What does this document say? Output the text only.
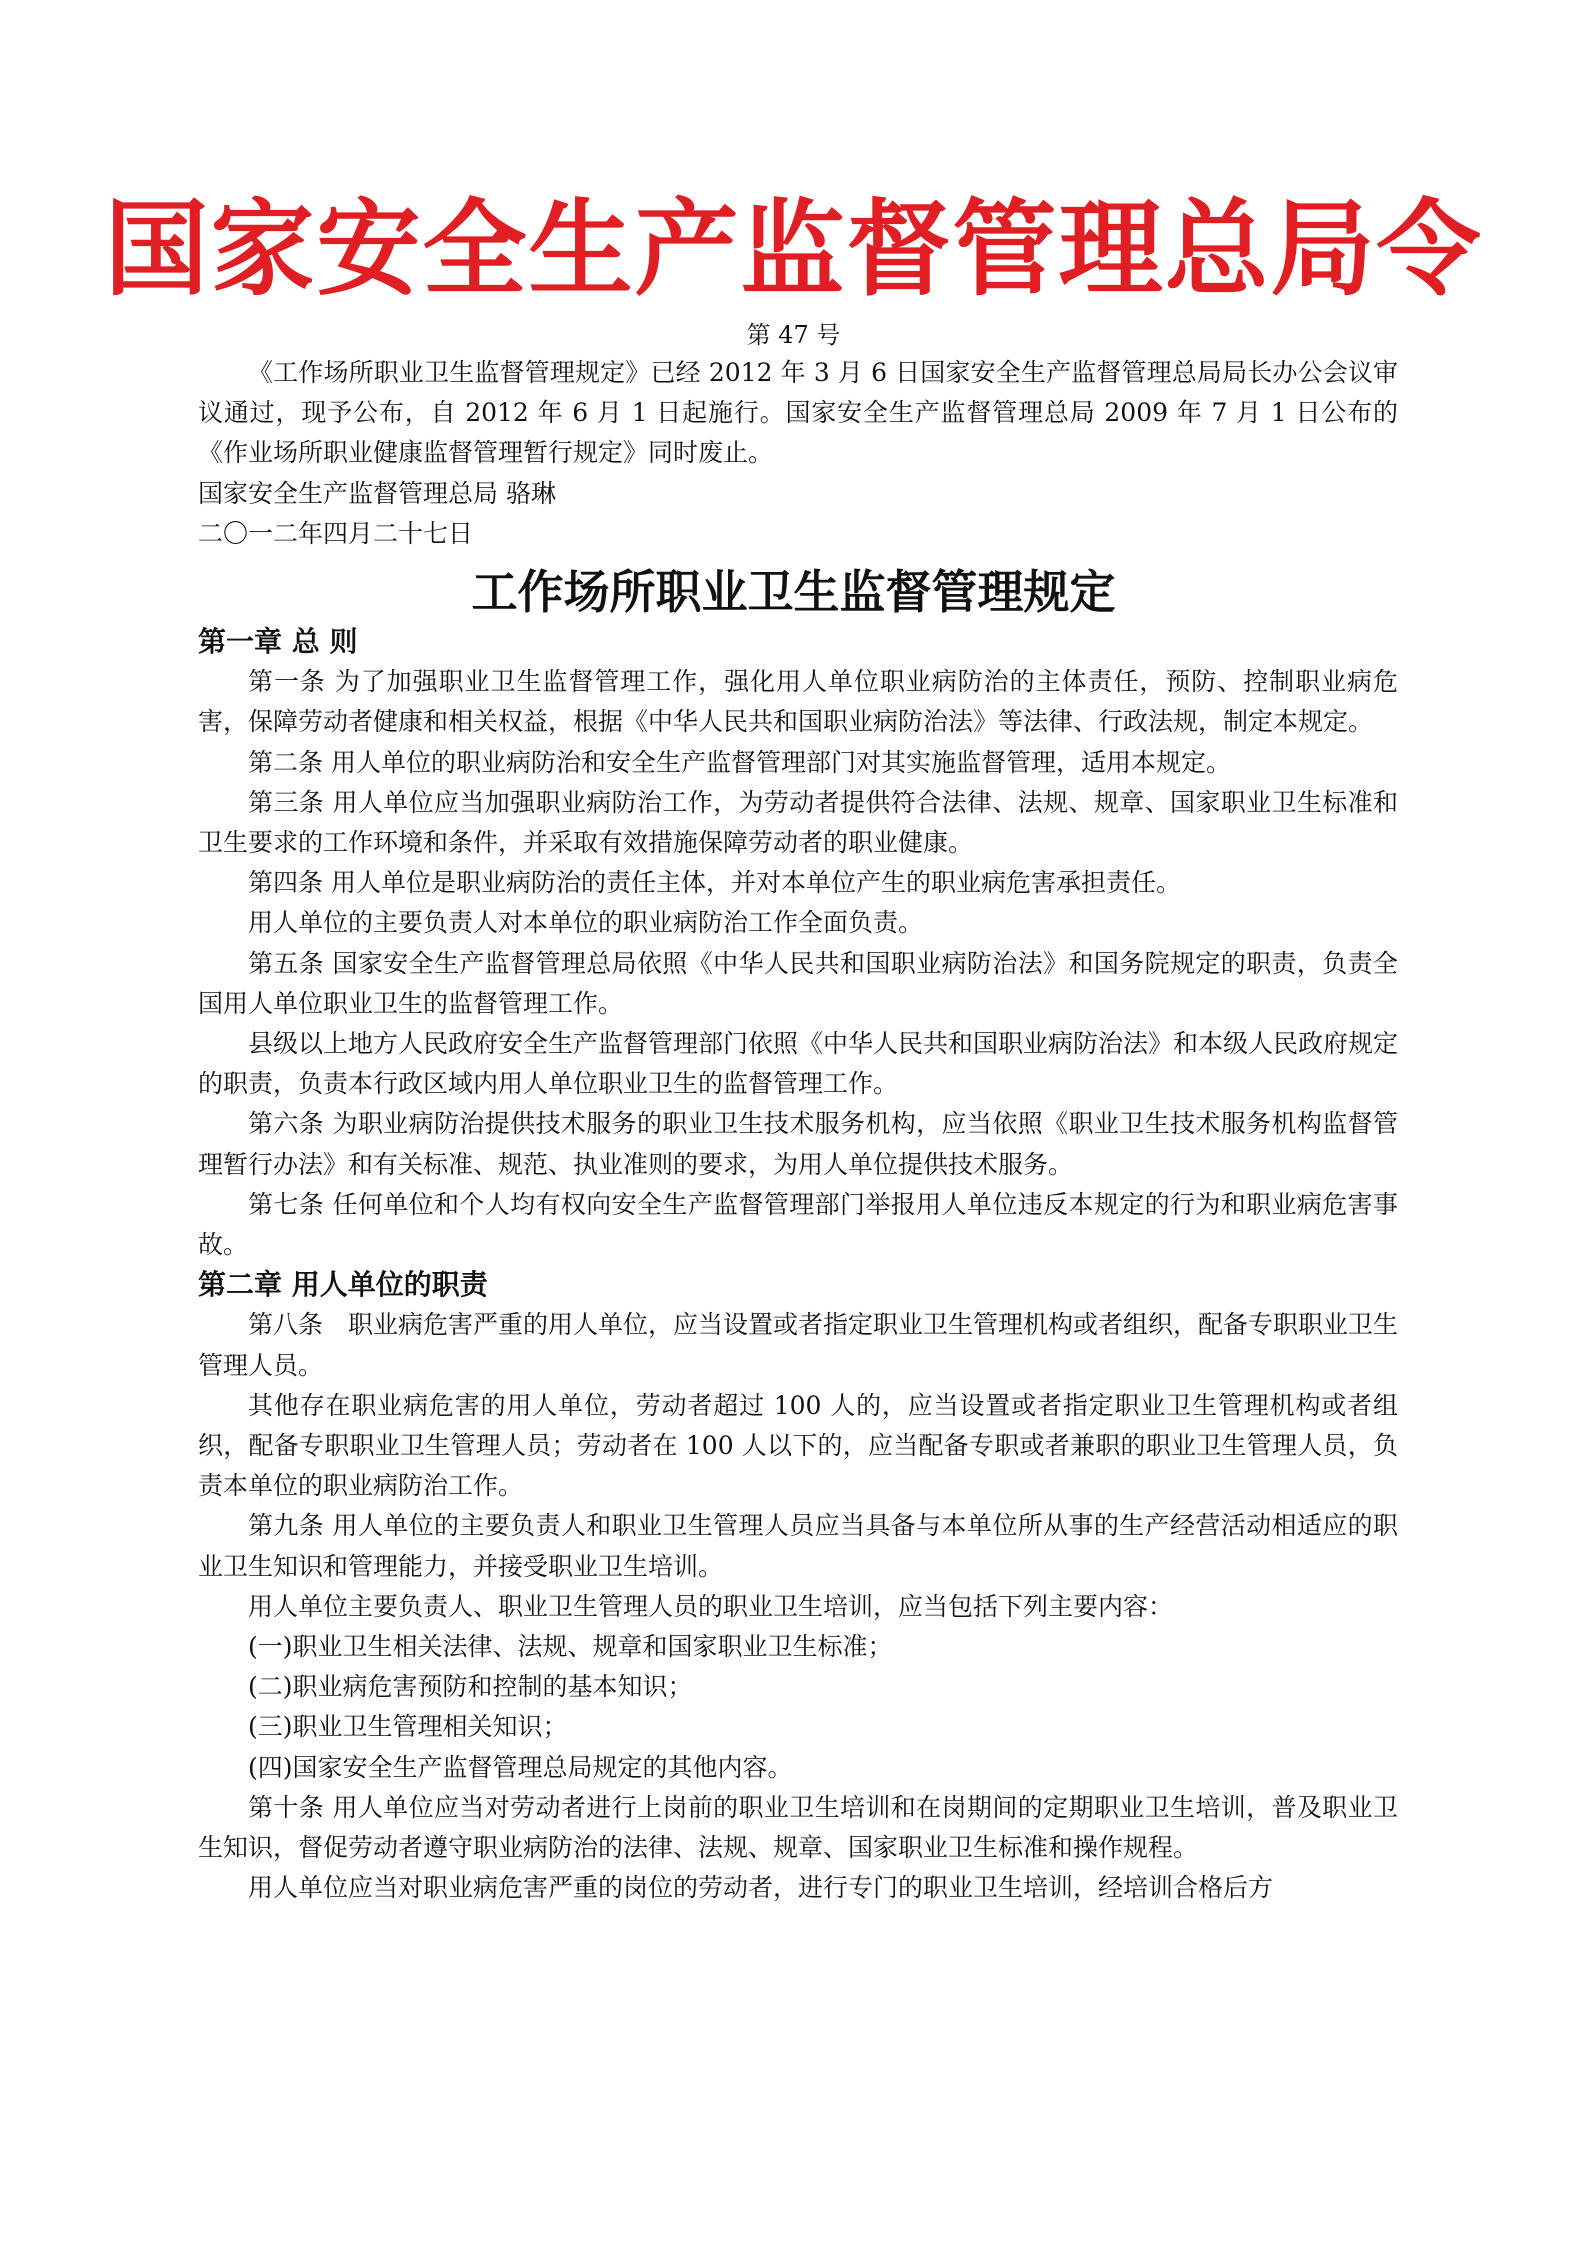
国家安全生产监督管理总局令
第 47 号

《工作场所职业卫生监督管理规定》已经 2012 年 3 月 6 日国家安全生产监督管理总局局长办公会议审议通过，现予公布，自 2012 年 6 月 1 日起施行。国家安全生产监督管理总局 2009 年 7 月 1 日公布的《作业场所职业健康监督管理暂行规定》同时废止。

国家安全生产监督管理总局 骆琳

二〇一二年四月二十七日

工作场所职业卫生监督管理规定

第一章 总 则

第一条 为了加强职业卫生监督管理工作，强化用人单位职业病防治的主体责任，预防、控制职业病危害，保障劳动者健康和相关权益，根据《中华人民共和国职业病防治法》等法律、行政法规，制定本规定。

第二条 用人单位的职业病防治和安全生产监督管理部门对其实施监督管理，适用本规定。

第三条 用人单位应当加强职业病防治工作，为劳动者提供符合法律、法规、规章、国家职业卫生标准和卫生要求的工作环境和条件，并采取有效措施保障劳动者的职业健康。

第四条 用人单位是职业病防治的责任主体，并对本单位产生的职业病危害承担责任。

用人单位的主要负责人对本单位的职业病防治工作全面负责。

第五条 国家安全生产监督管理总局依照《中华人民共和国职业病防治法》和国务院规定的职责，负责全国用人单位职业卫生的监督管理工作。

县级以上地方人民政府安全生产监督管理部门依照《中华人民共和国职业病防治法》和本级人民政府规定的职责，负责本行政区域内用人单位职业卫生的监督管理工作。

第六条 为职业病防治提供技术服务的职业卫生技术服务机构，应当依照《职业卫生技术服务机构监督管理暂行办法》和有关标准、规范、执业准则的要求，为用人单位提供技术服务。

第七条 任何单位和个人均有权向安全生产监督管理部门举报用人单位违反本规定的行为和职业病危害事故。

第二章 用人单位的职责

第八条　职业病危害严重的用人单位，应当设置或者指定职业卫生管理机构或者组织，配备专职职业卫生管理人员。

其他存在职业病危害的用人单位，劳动者超过 100 人的，应当设置或者指定职业卫生管理机构或者组织，配备专职职业卫生管理人员；劳动者在 100 人以下的，应当配备专职或者兼职的职业卫生管理人员，负责本单位的职业病防治工作。

第九条 用人单位的主要负责人和职业卫生管理人员应当具备与本单位所从事的生产经营活动相适应的职业卫生知识和管理能力，并接受职业卫生培训。

用人单位主要负责人、职业卫生管理人员的职业卫生培训，应当包括下列主要内容：

(一)职业卫生相关法律、法规、规章和国家职业卫生标准；

(二)职业病危害预防和控制的基本知识；

(三)职业卫生管理相关知识；

(四)国家安全生产监督管理总局规定的其他内容。

第十条 用人单位应当对劳动者进行上岗前的职业卫生培训和在岗期间的定期职业卫生培训，普及职业卫生知识，督促劳动者遵守职业病防治的法律、法规、规章、国家职业卫生标准和操作规程。

用人单位应当对职业病危害严重的岗位的劳动者，进行专门的职业卫生培训，经培训合格后方
